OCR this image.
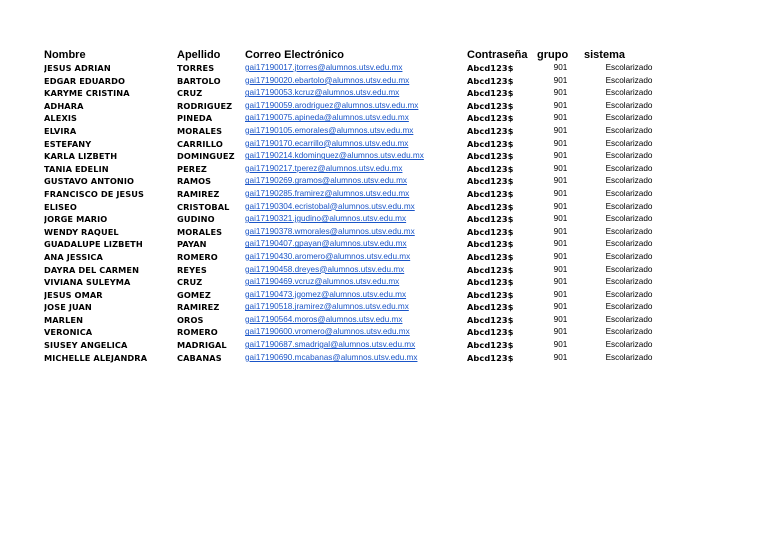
Nombre	Apellido	Correo Electrónico	Contraseña	grupo	sistema
JESUS ADRIAN	TORRES	gai17190017.jtorres@alumnos.utsv.edu.mx	Abcd123$	901	Escolarizado
EDGAR EDUARDO	BARTOLO	gai17190020.ebartolo@alumnos.utsv.edu.mx	Abcd123$	901	Escolarizado
KARYME CRISTINA	CRUZ	gai17190053.kcruz@alumnos.utsv.edu.mx	Abcd123$	901	Escolarizado
ADHARA	RODRIGUEZ	gai17190059.arodriguez@alumnos.utsv.edu.mx	Abcd123$	901	Escolarizado
ALEXIS	PINEDA	gai17190075.apineda@alumnos.utsv.edu.mx	Abcd123$	901	Escolarizado
ELVIRA	MORALES	gai17190105.emorales@alumnos.utsv.edu.mx	Abcd123$	901	Escolarizado
ESTEFANY	CARRILLO	gai17190170.ecarrillo@alumnos.utsv.edu.mx	Abcd123$	901	Escolarizado
KARLA LIZBETH	DOMINGUEZ	gai17190214.kdominguez@alumnos.utsv.edu.mx	Abcd123$	901	Escolarizado
TANIA EDELIN	PEREZ	gai17190217.tperez@alumnos.utsv.edu.mx	Abcd123$	901	Escolarizado
GUSTAVO ANTONIO	RAMOS	gai17190269.gramos@alumnos.utsv.edu.mx	Abcd123$	901	Escolarizado
FRANCISCO DE JESUS	RAMIREZ	gai17190285.framirez@alumnos.utsv.edu.mx	Abcd123$	901	Escolarizado
ELISEO	CRISTOBAL	gai17190304.ecristobal@alumnos.utsv.edu.mx	Abcd123$	901	Escolarizado
JORGE MARIO	GUDINO	gai17190321.jgudino@alumnos.utsv.edu.mx	Abcd123$	901	Escolarizado
WENDY RAQUEL	MORALES	gai17190378.wmorales@alumnos.utsv.edu.mx	Abcd123$	901	Escolarizado
GUADALUPE LIZBETH	PAYAN	gai17190407.gpayan@alumnos.utsv.edu.mx	Abcd123$	901	Escolarizado
ANA JESSICA	ROMERO	gai17190430.aromero@alumnos.utsv.edu.mx	Abcd123$	901	Escolarizado
DAYRA DEL CARMEN	REYES	gai17190458.dreyes@alumnos.utsv.edu.mx	Abcd123$	901	Escolarizado
VIVIANA SULEYMA	CRUZ	gai17190469.vcruz@alumnos.utsv.edu.mx	Abcd123$	901	Escolarizado
JESUS OMAR	GOMEZ	gai17190473.jgomez@alumnos.utsv.edu.mx	Abcd123$	901	Escolarizado
JOSE JUAN	RAMIREZ	gai17190518.jramirez@alumnos.utsv.edu.mx	Abcd123$	901	Escolarizado
MARLEN	OROS	gai17190564.moros@alumnos.utsv.edu.mx	Abcd123$	901	Escolarizado
VERONICA	ROMERO	gai17190600.vromero@alumnos.utsv.edu.mx	Abcd123$	901	Escolarizado
SIUSEY ANGELICA	MADRIGAL	gai17190687.smadrigal@alumnos.utsv.edu.mx	Abcd123$	901	Escolarizado
MICHELLE ALEJANDRA	CABANAS	gai17190690.mcabanas@alumnos.utsv.edu.mx	Abcd123$	901	Escolarizado
